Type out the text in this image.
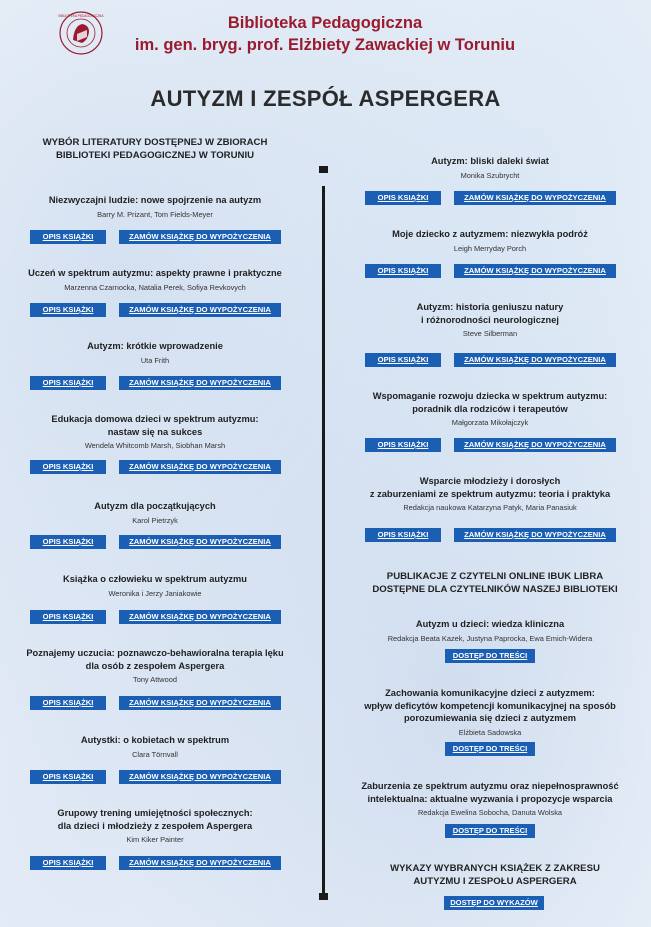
BIBLIOTEKA PEDAGOGICZNA	Biblioteka Pedagogiczna
im. gen. bryg. prof. Elżbiety Zawackiej w Toruniu
AUTYZM I ZESPÓŁ ASPERGERA
WYBÓR LITERATURY DOSTĘPNEJ W ZBIORACH
BIBLIOTEKI PEDAGOGICZNEJ W TORUNIU
Niezwyczajni ludzie: nowe spojrzenie na autyzm
Barry M. Prizant, Tom Fields-Meyer
OPIS KSIĄŻKI	ZAMÓW KSIĄŻKĘ DO WYPOŻYCZENIA
Uczeń w spektrum autyzmu: aspekty prawne i praktyczne
Marzenna Czarnocka, Natalia Perek, Sofiya Revkovych
OPIS KSIĄŻKI	ZAMÓW KSIĄŻKĘ DO WYPOŻYCZENIA
Autyzm: krótkie wprowadzenie
Uta Frith
OPIS KSIĄŻKI	ZAMÓW KSIĄŻKĘ DO WYPOŻYCZENIA
Edukacja domowa dzieci w spektrum autyzmu:
nastaw się na sukces
Wendela Whitcomb Marsh, Siobhan Marsh
OPIS KSIĄŻKI	ZAMÓW KSIĄŻKĘ DO WYPOŻYCZENIA
Autyzm dla początkujących
Karol Pietrzyk
OPIS KSIĄŻKI	ZAMÓW KSIĄŻKĘ DO WYPOŻYCZENIA
Książka o człowieku w spektrum autyzmu
Weronika i Jerzy Janiakowie
OPIS KSIĄŻKI	ZAMÓW KSIĄŻKĘ DO WYPOŻYCZENIA
Poznajemy uczucia: poznawczo-behawioralna terapia lęku
dla osób z zespołem Aspergera
Tony Attwood
OPIS KSIĄŻKI	ZAMÓW KSIĄŻKĘ DO WYPOŻYCZENIA
Autystki: o kobietach w spektrum
Clara Törnvall
OPIS KSIĄŻKI	ZAMÓW KSIĄŻKĘ DO WYPOŻYCZENIA
Grupowy trening umiejętności społecznych:
dla dzieci i młodzieży z zespołem Aspergera
Kim Kiker Painter
OPIS KSIĄŻKI	ZAMÓW KSIĄŻKĘ DO WYPOŻYCZENIA
Autyzm: bliski daleki świat
Monika Szubrycht
OPIS KSIĄŻKI	ZAMÓW KSIĄŻKĘ DO WYPOŻYCZENIA
Moje dziecko z autyzmem: niezwykła podróż
Leigh Merryday Porch
OPIS KSIĄŻKI	ZAMÓW KSIĄŻKĘ DO WYPOŻYCZENIA
Autyzm: historia geniuszu natury
i różnorodności neurologicznej
Steve Silberman
OPIS KSIĄŻKI	ZAMÓW KSIĄŻKĘ DO WYPOŻYCZENIA
Wspomaganie rozwoju dziecka w spektrum autyzmu:
poradnik dla rodziców i terapeutów
Małgorzata Mikołajczyk
OPIS KSIĄŻKI	ZAMÓW KSIĄŻKĘ DO WYPOŻYCZENIA
Wsparcie młodzieży i dorosłych
z zaburzeniami ze spektrum autyzmu: teoria i praktyka
Redakcja naukowa Katarzyna Patyk, Maria Panasiuk
OPIS KSIĄŻKI	ZAMÓW KSIĄŻKĘ DO WYPOŻYCZENIA
Autyzm u dzieci: wiedza kliniczna
Redakcja Beata Kazek, Justyna Paprocka, Ewa Emich-Widera
DOSTĘP DO TREŚCI
Zachowania komunikacyjne dzieci z autyzmem:
wpływ deficytów kompetencji komunikacyjnej na sposób
porozumiewania się dzieci z autyzmem
Elżbieta Sadowska
DOSTĘP DO TREŚCI
Zaburzenia ze spektrum autyzmu oraz niepełnosprawność
intelektualna: aktualne wyzwania i propozycje wsparcia
Redakcja Ewelina Sobocha, Danuta Wolska
DOSTĘP DO TREŚCI
PUBLIKACJE Z CZYTELNI ONLINE IBUK LIBRA
DOSTĘPNE DLA CZYTELNIKÓW NASZEJ BIBLIOTEKI
WYKAZY WYBRANYCH KSIĄŻEK Z ZAKRESU
AUTYZMU I ZESPOŁU ASPERGERA
DOSTĘP DO WYKAZÓW
